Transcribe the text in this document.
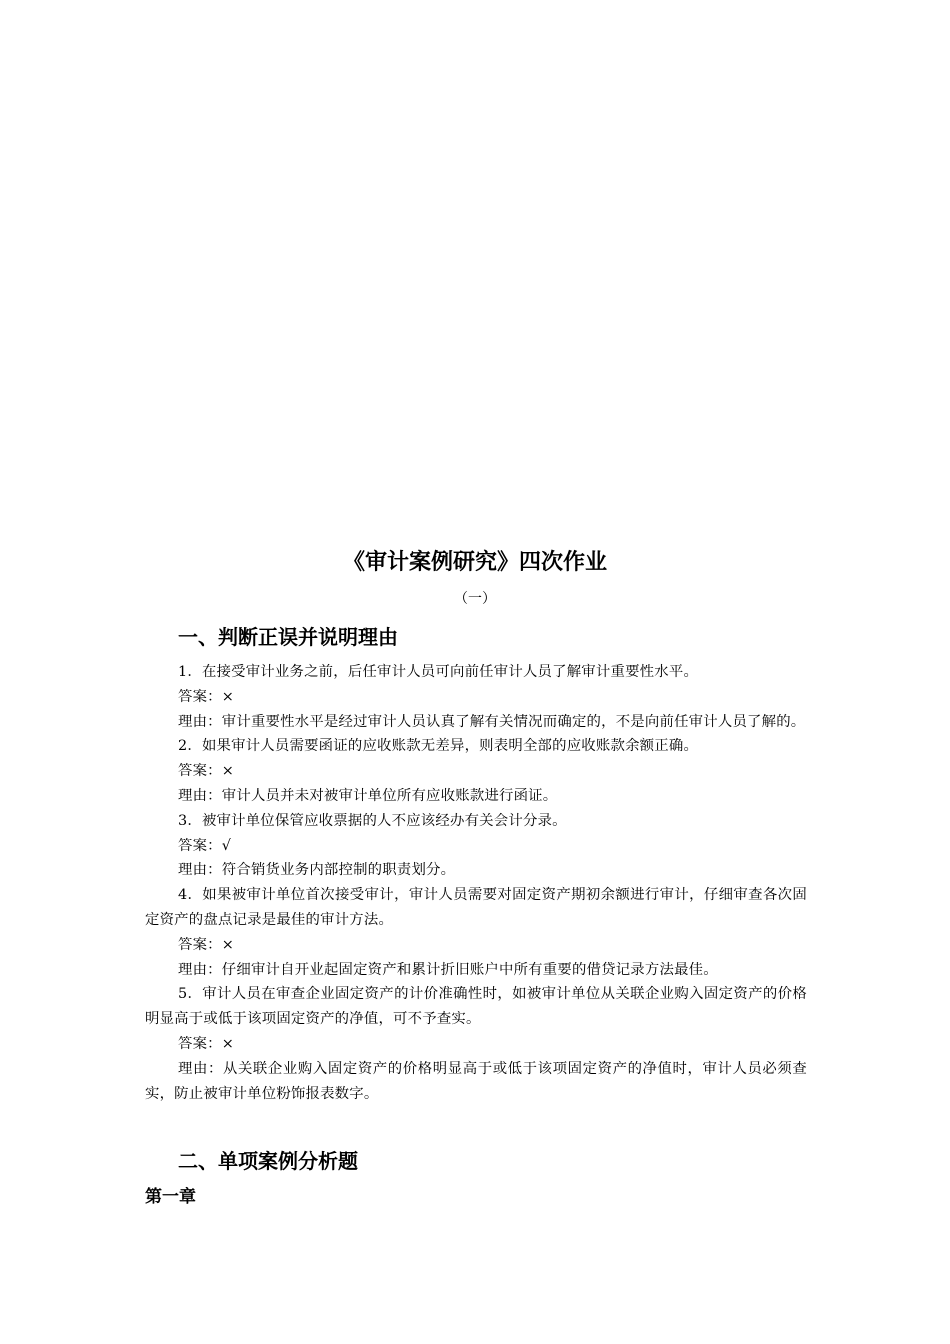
《审计案例研究》四次作业

（一）

一、判断正误并说明理由

1．在接受审计业务之前，后任审计人员可向前任审计人员了解审计重要性水平。

答案：×

理由：审计重要性水平是经过审计人员认真了解有关情况而确定的，不是向前任审计人员了解的。

2．如果审计人员需要函证的应收账款无差异，则表明全部的应收账款余额正确。

答案：×

理由：审计人员并未对被审计单位所有应收账款进行函证。

3．被审计单位保管应收票据的人不应该经办有关会计分录。

答案：√

理由：符合销货业务内部控制的职责划分。

4．如果被审计单位首次接受审计，审计人员需要对固定资产期初余额进行审计，仔细审查各次固定资产的盘点记录是最佳的审计方法。

答案：×

理由：仔细审计自开业起固定资产和累计折旧账户中所有重要的借贷记录方法最佳。

5．审计人员在审查企业固定资产的计价准确性时，如被审计单位从关联企业购入固定资产的价格明显高于或低于该项固定资产的净值，可不予查实。

答案：×

理由：从关联企业购入固定资产的价格明显高于或低于该项固定资产的净值时，审计人员必须查实，防止被审计单位粉饰报表数字。

二、单项案例分析题
第一章
